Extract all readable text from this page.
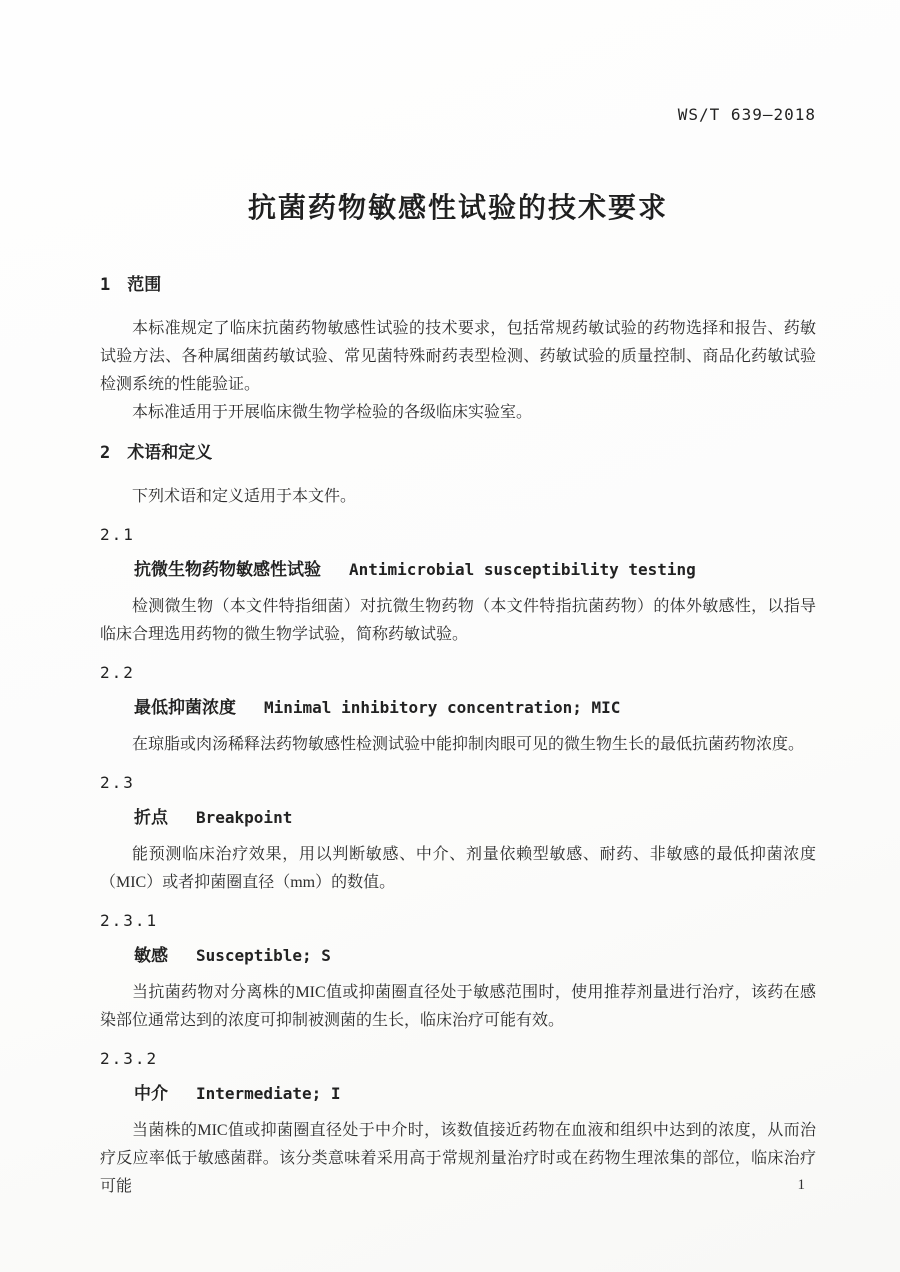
WS/T 639—2018
抗菌药物敏感性试验的技术要求
1 范围

本标准规定了临床抗菌药物敏感性试验的技术要求，包括常规药敏试验的药物选择和报告、药敏试验方法、各种属细菌药敏试验、常见菌特殊耐药表型检测、药敏试验的质量控制、商品化药敏试验检测系统的性能验证。

本标准适用于开展临床微生物学检验的各级临床实验室。

2 术语和定义

下列术语和定义适用于本文件。

2.1
抗微生物药物敏感性试验 Antimicrobial susceptibility testing

检测微生物（本文件特指细菌）对抗微生物药物（本文件特指抗菌药物）的体外敏感性，以指导临床合理选用药物的微生物学试验，简称药敏试验。

2.2
最低抑菌浓度 Minimal inhibitory concentration; MIC

在琼脂或肉汤稀释法药物敏感性检测试验中能抑制肉眼可见的微生物生长的最低抗菌药物浓度。

2.3
折点 Breakpoint

能预测临床治疗效果，用以判断敏感、中介、剂量依赖型敏感、耐药、非敏感的最低抑菌浓度（MIC）或者抑菌圈直径（mm）的数值。

2.3.1
敏感 Susceptible; S

当抗菌药物对分离株的MIC值或抑菌圈直径处于敏感范围时，使用推荐剂量进行治疗，该药在感染部位通常达到的浓度可抑制被测菌的生长，临床治疗可能有效。

2.3.2
中介 Intermediate; I

当菌株的MIC值或抑菌圈直径处于中介时，该数值接近药物在血液和组织中达到的浓度，从而治疗反应率低于敏感菌群。该分类意味着采用高于常规剂量治疗时或在药物生理浓集的部位，临床治疗可能	1
